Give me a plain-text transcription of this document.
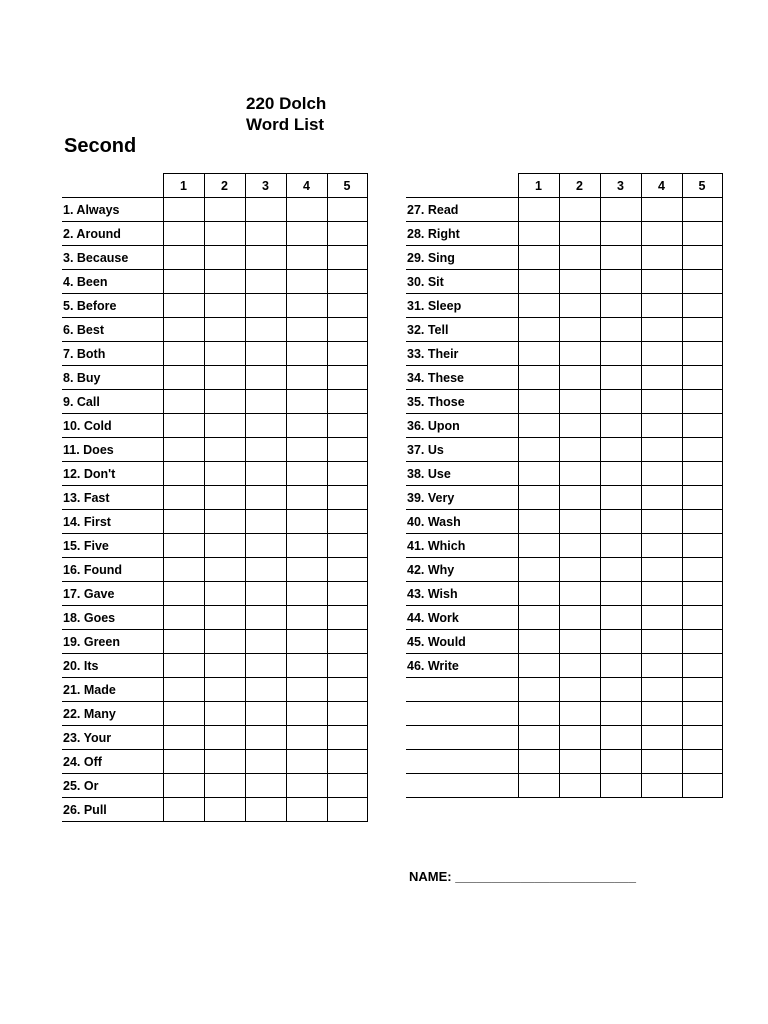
220 Dolch
Word List
Second
	1	2	3	4	5
1. Always					
2. Around					
3. Because					
4. Been					
5. Before					
6. Best					
7. Both					
8. Buy					
9. Call					
10. Cold					
11. Does					
12. Don't					
13. Fast					
14. First					
15. Five					
16. Found					
17. Gave					
18. Goes					
19. Green					
20. Its					
21. Made					
22. Many					
23. Your					
24. Off					
25. Or					
26. Pull					
	1	2	3	4	5
27. Read					
28. Right					
29. Sing					
30. Sit					
31. Sleep					
32. Tell					
33. Their					
34. These					
35. Those					
36. Upon					
37. Us					
38. Use					
39. Very					
40. Wash					
41. Which					
42. Why					
43. Wish					
44. Work					
45. Would					
46. Write					

NAME: _________________________
